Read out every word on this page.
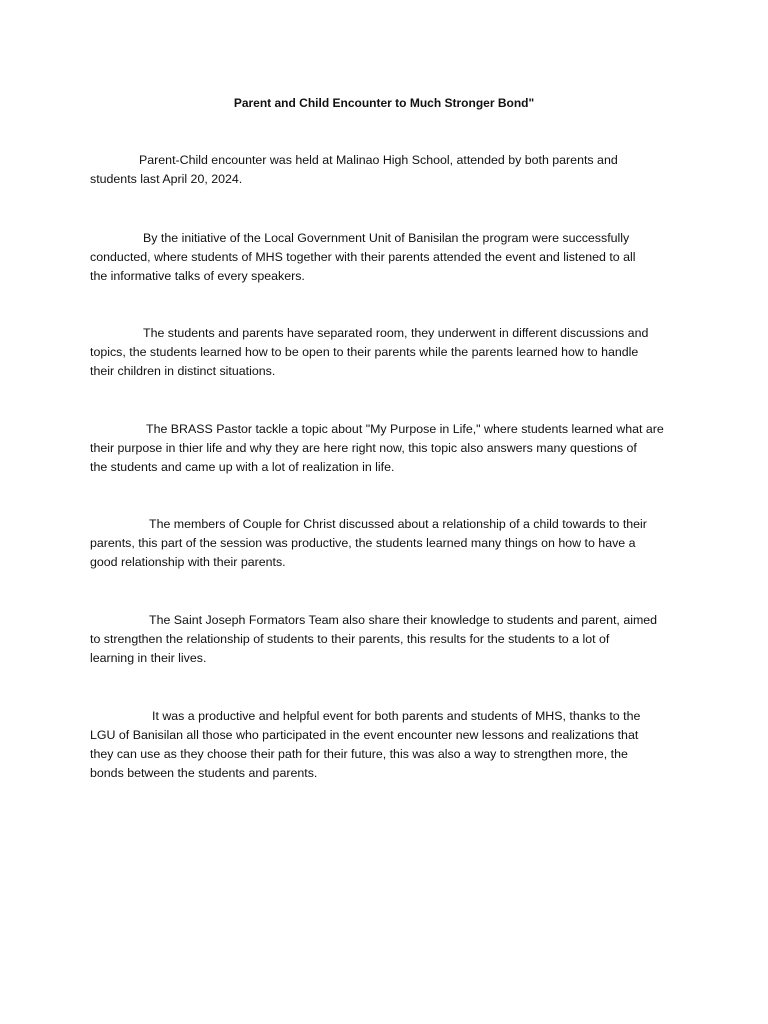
Parent and Child Encounter to Much Stronger Bond"

Parent-Child encounter was held at Malinao High School, attended by both parents and
students last April 20, 2024.

By the initiative of the Local Government Unit of Banisilan the program were successfully
conducted, where students of MHS together with their parents attended the event and listened to all
the informative talks of every speakers.

The students and parents have separated room, they underwent in different discussions and
topics, the students learned how to be open to their parents while the parents learned how to handle
their children in distinct situations.

The BRASS Pastor tackle a topic about "My Purpose in Life," where students learned what are
their purpose in thier life and why they are here right now, this topic also answers many questions of
the students and came up with a lot of realization in life.

The members of Couple for Christ discussed about a relationship of a child towards to their
parents, this part of the session was productive, the students learned many things on how to have a
good relationship with their parents.

The Saint Joseph Formators Team also share their knowledge to students and parent, aimed
to strengthen the relationship of students to their parents, this results for the students to a lot of
learning in their lives.

It was a productive and helpful event for both parents and students of MHS, thanks to the
LGU of Banisilan all those who participated in the event encounter new lessons and realizations that
they can use as they choose their path for their future, this was also a way to strengthen more, the
bonds between the students and parents.
